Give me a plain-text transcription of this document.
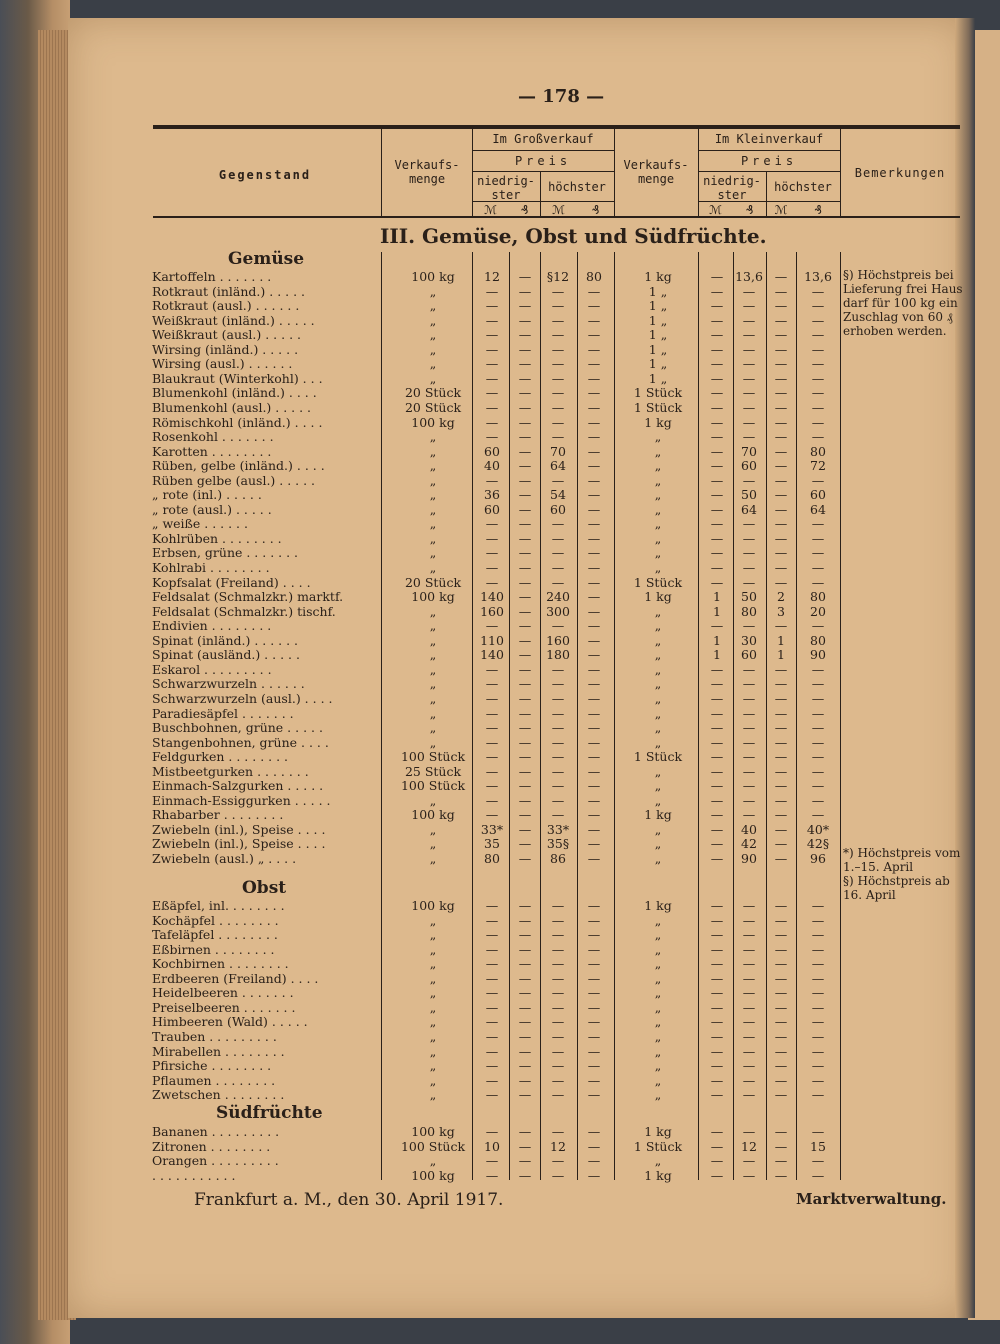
— 178 —
Gegenstand
Verkaufs-
menge
Im Großverkauf
Preis
niedrig-
ster
höchster
ℳ	₰	ℳ	₰
Verkaufs-
menge
Im Kleinverkauf
Preis
niedrig-
ster
höchster
ℳ	₰	ℳ	₰
Bemerkungen
III. Gemüse, Obst und Südfrüchte.
Gemüse
Obst
Südfrüchte
Kartoffeln . . . . . . .	100 kg	12	—	§12	80	1 kg	— 13,6 —	13,6
Rotkraut (inländ.) . . . . .	„	—	—	—	—	1 „	—	—	—	—
Rotkraut (ausl.) . . . . . .	„	—	—	—	—	1 „	—	—	—	—
Weißkraut (inländ.) . . . . .	„	—	—	—	—	1 „	—	—	—	—
Weißkraut (ausl.) . . . . .	„	—	—	—	—	1 „	—	—	—	—
Wirsing (inländ.) . . . . .	„	—	—	—	—	1 „	—	—	—	—
Wirsing (ausl.) . . . . . .	„	—	—	—	—	1 „	—	—	—	—
Blaukraut (Winterkohl) . . .	„	—	—	—	—	1 „	—	—	—	—
Blumenkohl (inländ.) . . . .	20 Stück	—	—	—	—	1 Stück	—	—	—	—
Blumenkohl (ausl.) . . . . .	20 Stück	—	—	—	—	1 Stück	—	—	—	—
Römischkohl (inländ.) . . . .	100 kg	—	—	—	—	1 kg	—	—	—	—
Rosenkohl . . . . . . .	„	—	—	—	—	„	—	—	—	—
Karotten . . . . . . . .	„	60	—	70	—	„	—	70	—	80
Rüben, gelbe (inländ.) . . . .	„	40	—	64	—	„	—	60	—	72
Rüben gelbe (ausl.) . . . . .	„	—	—	—	—	„	—	—	—	—
„ rote (inl.) . . . . .	„	36	—	54	—	„	—	50	—	60
„ rote (ausl.) . . . . .	„	60	—	60	—	„	—	64	—	64
„ weiße . . . . . .	„	—	—	—	—	„	—	—	—	—
Kohlrüben . . . . . . . .	„	—	—	—	—	„	—	—	—	—
Erbsen, grüne . . . . . . .	„	—	—	—	—	„	—	—	—	—
Kohlrabi . . . . . . . .	„	—	—	—	—	„	—	—	—	—
Kopfsalat (Freiland) . . . .	20 Stück	—	—	—	—	1 Stück	—	—	—	—
Feldsalat (Schmalzkr.) marktf.	100 kg	140	—	240	—	1 kg	1	50	2	80
Feldsalat (Schmalzkr.) tischf.	„	160	—	300	—	„	1	80	3	20
Endivien . . . . . . . .	„	—	—	—	—	„	—	—	—	—
Spinat (inländ.) . . . . . .	„	110	—	160	—	„	1	30	1	80
Spinat (ausländ.) . . . . .	„	140	—	180	—	„	1	60	1	90
Eskarol . . . . . . . . .	„	—	—	—	—	„	—	—	—	—
Schwarzwurzeln . . . . . .	„	—	—	—	—	„	—	—	—	—
Schwarzwurzeln (ausl.) . . . .	„	—	—	—	—	„	—	—	—	—
Paradiesäpfel . . . . . . .	„	—	—	—	—	„	—	—	—	—
Buschbohnen, grüne . . . . .	„	—	—	—	—	„	—	—	—	—
Stangenbohnen, grüne . . . .	„	—	—	—	—	„	—	—	—	—
Feldgurken . . . . . . . .	100 Stück	—	—	—	—	1 Stück	—	—	—	—
Mistbeetgurken . . . . . . .	25 Stück	—	—	—	—	„	—	—	—	—
Einmach-Salzgurken . . . . .	100 Stück	—	—	—	—	„	—	—	—	—
Einmach-Essiggurken . . . . .	„	—	—	—	—	„	—	—	—	—
Rhabarber . . . . . . . .	100 kg	—	—	—	—	1 kg	—	—	—	—
Zwiebeln (inl.), Speise . . . .	„	33*	—	33*	—	„	—	40	—	40*
Zwiebeln (inl.), Speise . . . .	„	35	—	35§	—	„	—	42	—	42§
Zwiebeln (ausl.) „ . . . .	„	80	—	86	—	„	—	90	—	96
Eßäpfel, inl. . . . . . . .	100 kg	—	—	—	—	1 kg	—	—	—	—
Kochäpfel . . . . . . . .	„	—	—	—	—	„	—	—	—	—
Tafeläpfel . . . . . . . .	„	—	—	—	—	„	—	—	—	—
Eßbirnen . . . . . . . .	„	—	—	—	—	„	—	—	—	—
Kochbirnen . . . . . . . .	„	—	—	—	—	„	—	—	—	—
Erdbeeren (Freiland) . . . .	„	—	—	—	—	„	—	—	—	—
Heidelbeeren . . . . . . .	„	—	—	—	—	„	—	—	—	—
Preiselbeeren . . . . . . .	„	—	—	—	—	„	—	—	—	—
Himbeeren (Wald) . . . . .	„	—	—	—	—	„	—	—	—	—
Trauben . . . . . . . . .	„	—	—	—	—	„	—	—	—	—
Mirabellen . . . . . . . .	„	—	—	—	—	„	—	—	—	—
Pfirsiche . . . . . . . .	„	—	—	—	—	„	—	—	—	—
Pflaumen . . . . . . . .	„	—	—	—	—	„	—	—	—	—
Zwetschen . . . . . . . .	„	—	—	—	—	„	—	—	—	—
Bananen . . . . . . . . .	100 kg	—	—	—	—	1 kg	—	—	—	—
Zitronen . . . . . . . .	100 Stück	10	—	12	—	1 Stück	—	12	—	15
Orangen . . . . . . . . .	„	—	—	—	—	„	—	—	—	—
. . . . . . . . . . .	100 kg	—	—	—	—	1 kg	—	—	—	—
§) Höchstpreis bei Lieferung frei Haus darf für 100 kg ein Zuschlag von 60 ₰ erhoben werden.
*) Höchstpreis vom 1.–15. April
§) Höchstpreis ab 16. April
Frankfurt a. M., den 30. April 1917.	Marktverwaltung.
